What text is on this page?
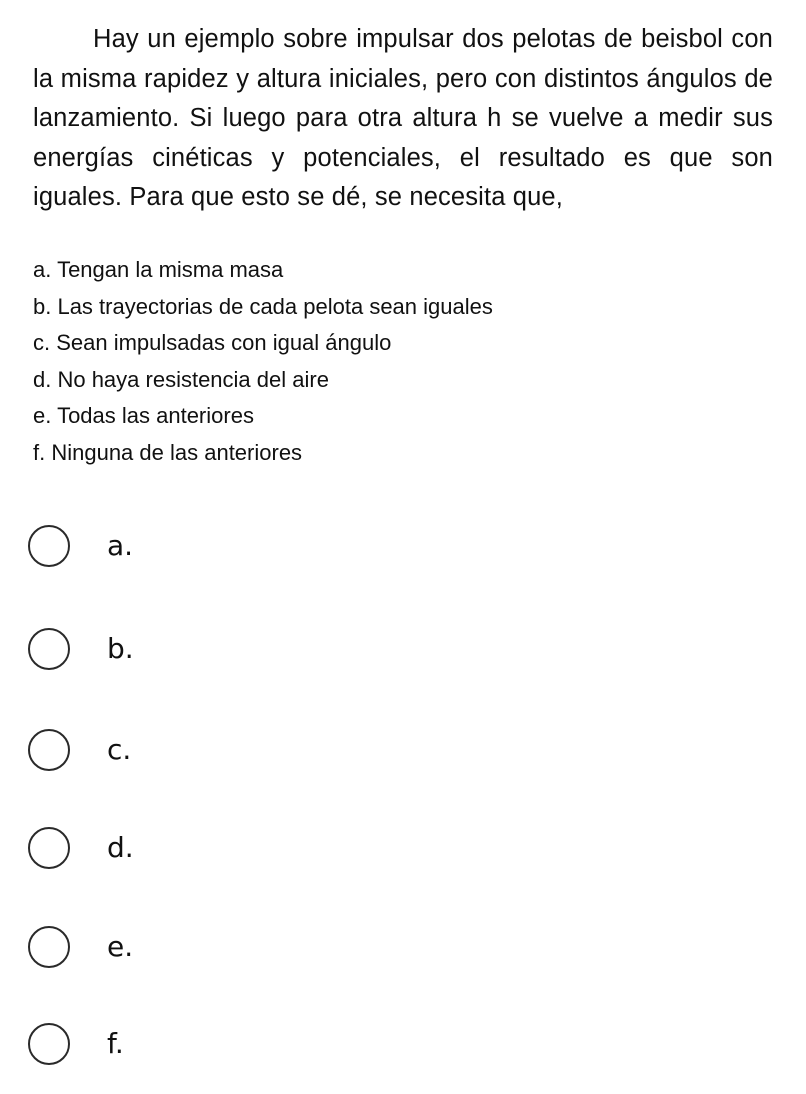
Hay un ejemplo sobre impulsar dos pelotas de beisbol con la misma rapidez y altura iniciales, pero con distintos ángulos de lanzamiento. Si luego para otra altura h se vuelve a medir sus energías cinéticas y potenciales, el resultado es que son iguales. Para que esto se dé, se necesita que,

a. Tengan la misma masa
b. Las trayectorias de cada pelota sean iguales
c. Sean impulsadas con igual ángulo
d. No haya resistencia del aire
e. Todas las anteriores
f. Ninguna de las anteriores
a.
b.
c.
d.
e.
f.
